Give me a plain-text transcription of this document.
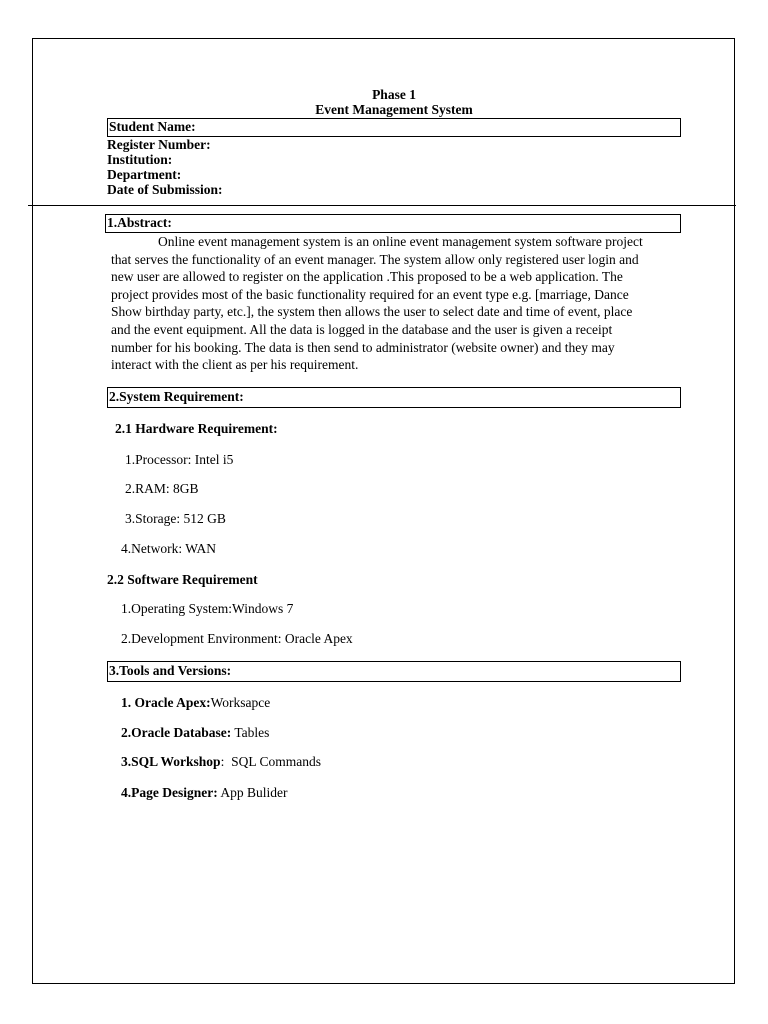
Phase 1
Event Management System
Student Name:
Register Number:
Institution:
Department:
Date of Submission:
1.Abstract:

Online event management system is an online event management system software project

that serves the functionality of an event manager. The system allow only registered user login and

new user are allowed to register on the application .This proposed to be a web application. The

project provides most of the basic functionality required for an event type e.g. [marriage, Dance

Show birthday party, etc.], the system then allows the user to select date and time of event, place

and the event equipment. All the data is logged in the database and the user is given a receipt

number for his booking. The data is then send to administrator (website owner) and they may

interact with the client as per his requirement.

2.System Requirement:
2.1 Hardware Requirement:
1.Processor: Intel i5
2.RAM: 8GB
3.Storage: 512 GB
4.Network: WAN
2.2 Software Requirement
1.Operating System:Windows 7
2.Development Environment: Oracle Apex
3.Tools and Versions:
1. Oracle Apex:Worksapce
2.Oracle Database: Tables
3.SQL Workshop:  SQL Commands
4.Page Designer: App Bulider
